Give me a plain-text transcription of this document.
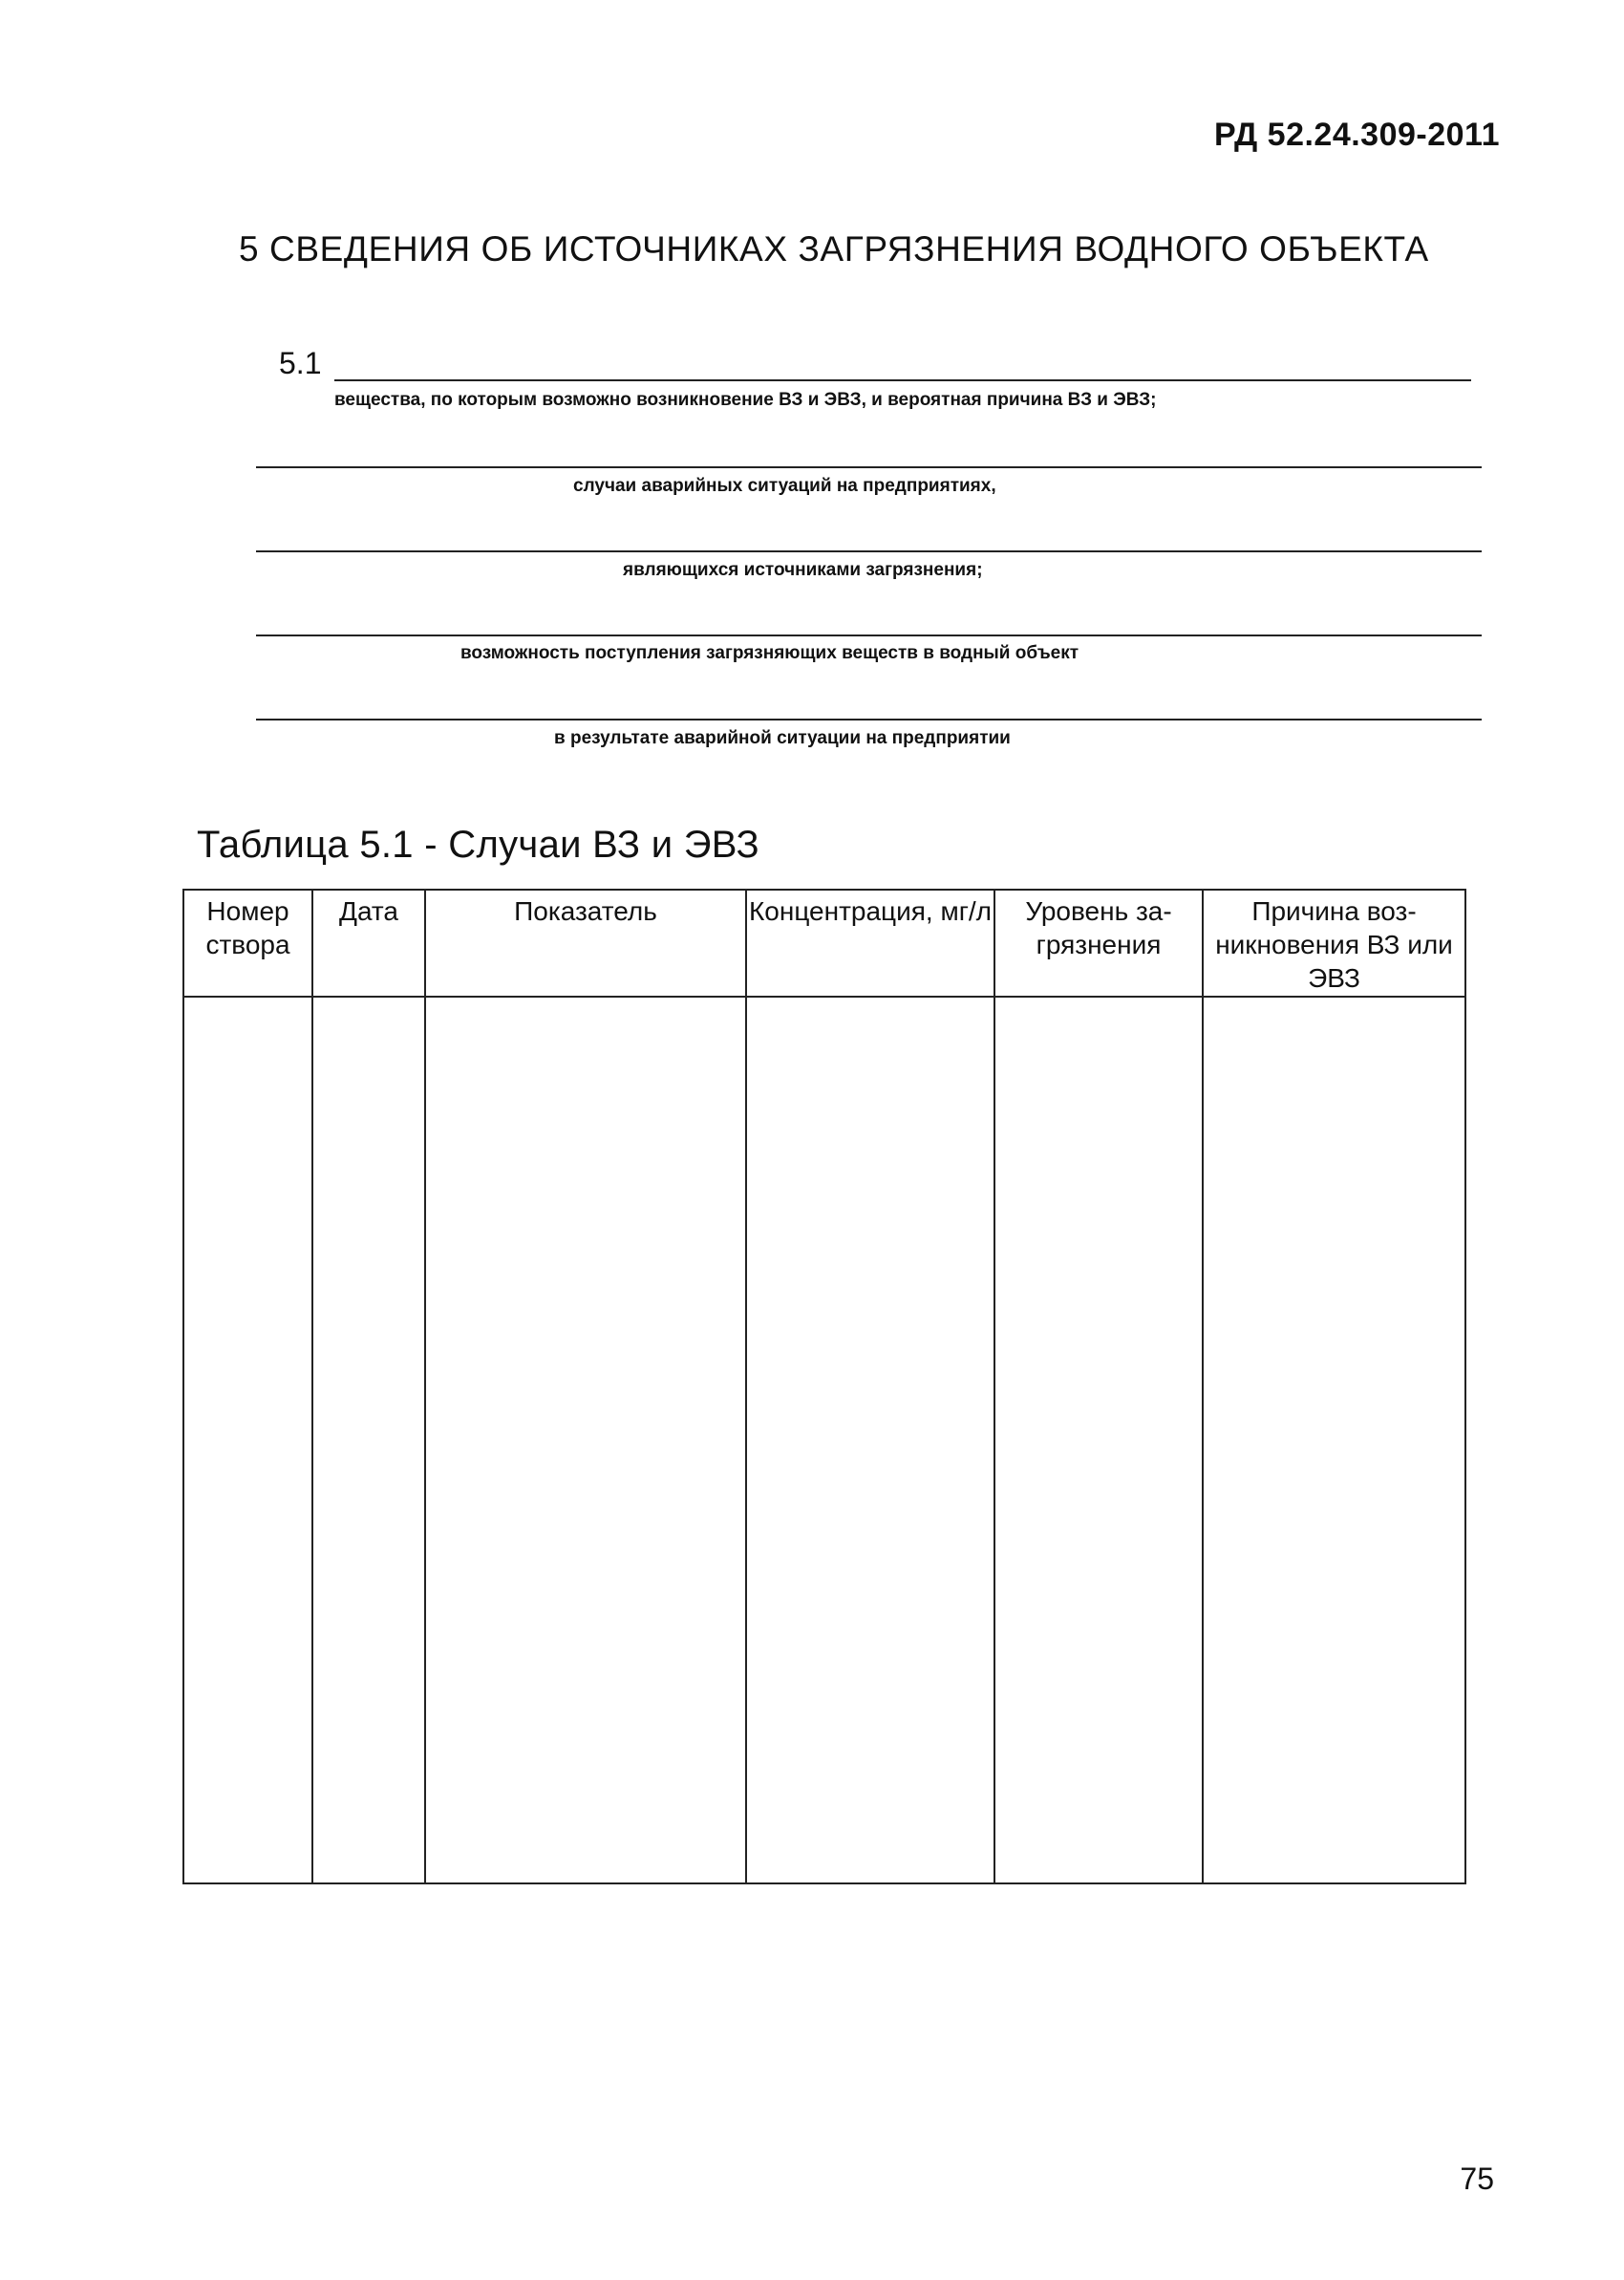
РД 52.24.309-2011
5 СВЕДЕНИЯ ОБ ИСТОЧНИКАХ ЗАГРЯЗНЕНИЯ ВОДНОГО ОБЪЕКТА
5.1
вещества, по которым возможно возникновение ВЗ и ЭВЗ, и вероятная причина ВЗ и ЭВЗ;
случаи аварийных ситуаций на предприятиях,
являющихся источниками загрязнения;
возможность поступления загрязняющих веществ в водный объект
в результате аварийной ситуации на предприятии
Таблица 5.1 - Случаи ВЗ и ЭВЗ
Номер створа	Дата	Показатель	Концентрация, мг/л	Уровень за-грязнения	Причина воз-никновения ВЗ или ЭВЗ

75
